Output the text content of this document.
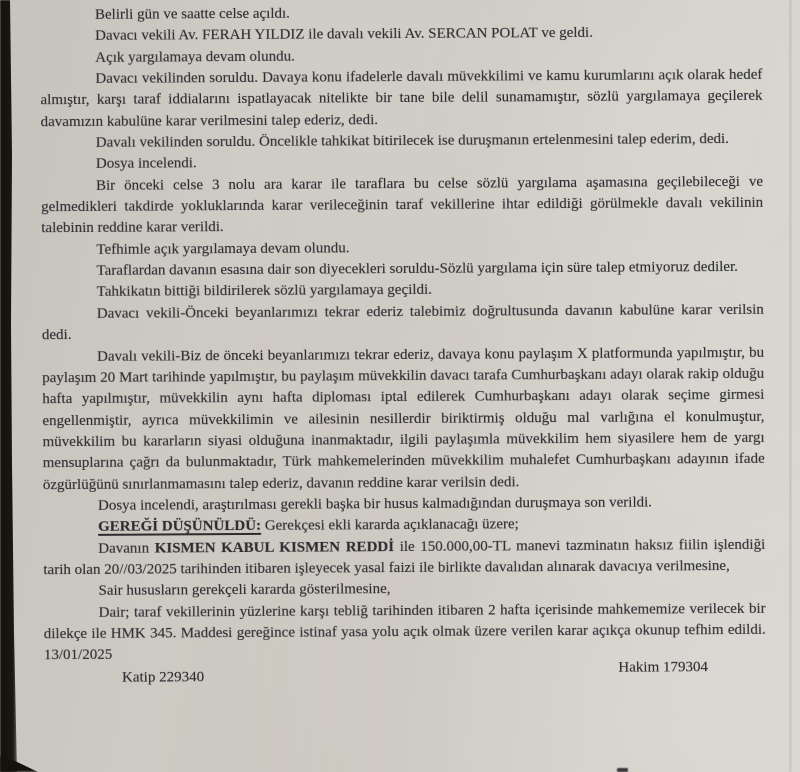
Belirli gün ve saatte celse açıldı.

Davacı vekili Av. FERAH YILDIZ ile davalı vekili Av. SERCAN POLAT ve geldi.

Açık yargılamaya devam olundu.

Davacı vekilinden soruldu. Davaya konu ifadelerle davalı müvekkilimi ve kamu kurumlarını açık olarak hedef almıştır, karşı taraf iddialarını ispatlayacak nitelikte bir tane bile delil sunamamıştır, sözlü yargılamaya geçilerek davamızın kabulüne karar verilmesini talep ederiz, dedi.

Davalı vekilinden soruldu. Öncelikle tahkikat bitirilecek ise duruşmanın ertelenmesini talep ederim, dedi.

Dosya incelendi.

Bir önceki celse 3 nolu ara karar ile taraflara bu celse sözlü yargılama aşamasına geçilebileceği ve gelmedikleri takdirde yokluklarında karar verileceğinin taraf vekillerine ihtar edildiği görülmekle davalı vekilinin talebinin reddine karar verildi.

Tefhimle açık yargılamaya devam olundu.

Taraflardan davanın esasına dair son diyecekleri soruldu-Sözlü yargılama için süre talep etmiyoruz dediler.

Tahkikatın bittiği bildirilerek sözlü yargılamaya geçildi.

Davacı vekili-Önceki beyanlarımızı tekrar ederiz talebimiz doğrultusunda davanın kabulüne karar verilsin dedi.

Davalı vekili-Biz de önceki beyanlarımızı tekrar ederiz, davaya konu paylaşım X platformunda yapılmıştır, bu paylaşım 20 Mart tarihinde yapılmıştır, bu paylaşım müvekkilin davacı tarafa Cumhurbaşkanı adayı olarak rakip olduğu hafta yapılmıştır, müvekkilin aynı hafta diploması iptal edilerek Cumhurbaşkanı adayı olarak seçime girmesi engellenmiştir, ayrıca müvekkilimin ve ailesinin nesillerdir biriktirmiş olduğu mal varlığına el konulmuştur, müvekkilim bu kararların siyasi olduğuna inanmaktadır, ilgili paylaşımla müvekkilim hem siyasilere hem de yargı mensuplarına çağrı da bulunmaktadır, Türk mahkemelerinden müvekkilim muhalefet Cumhurbaşkanı adayının ifade özgürlüğünü sınırlanmamasını talep ederiz, davanın reddine karar verilsin dedi.

Dosya incelendi, araştırılması gerekli başka bir husus kalmadığından duruşmaya son verildi.

GEREĞİ DÜŞÜNÜLDÜ: Gerekçesi ekli kararda açıklanacağı üzere;

Davanın KISMEN KABUL KISMEN REDDİ ile 150.000,00-TL manevi tazminatın haksız fiilin işlendiği tarih olan 20//03/2025 tarihinden itibaren işleyecek yasal faizi ile birlikte davalıdan alınarak davacıya verilmesine,

Sair hususların gerekçeli kararda gösterilmesine,

Dair; taraf vekillerinin yüzlerine karşı tebliğ tarihinden itibaren 2 hafta içerisinde mahkememize verilecek bir dilekçe ile HMK 345. Maddesi gereğince istinaf yasa yolu açık olmak üzere verilen karar açıkça okunup tefhim edildi. 13/01/2025

Katip 229340
Hakim 179304
